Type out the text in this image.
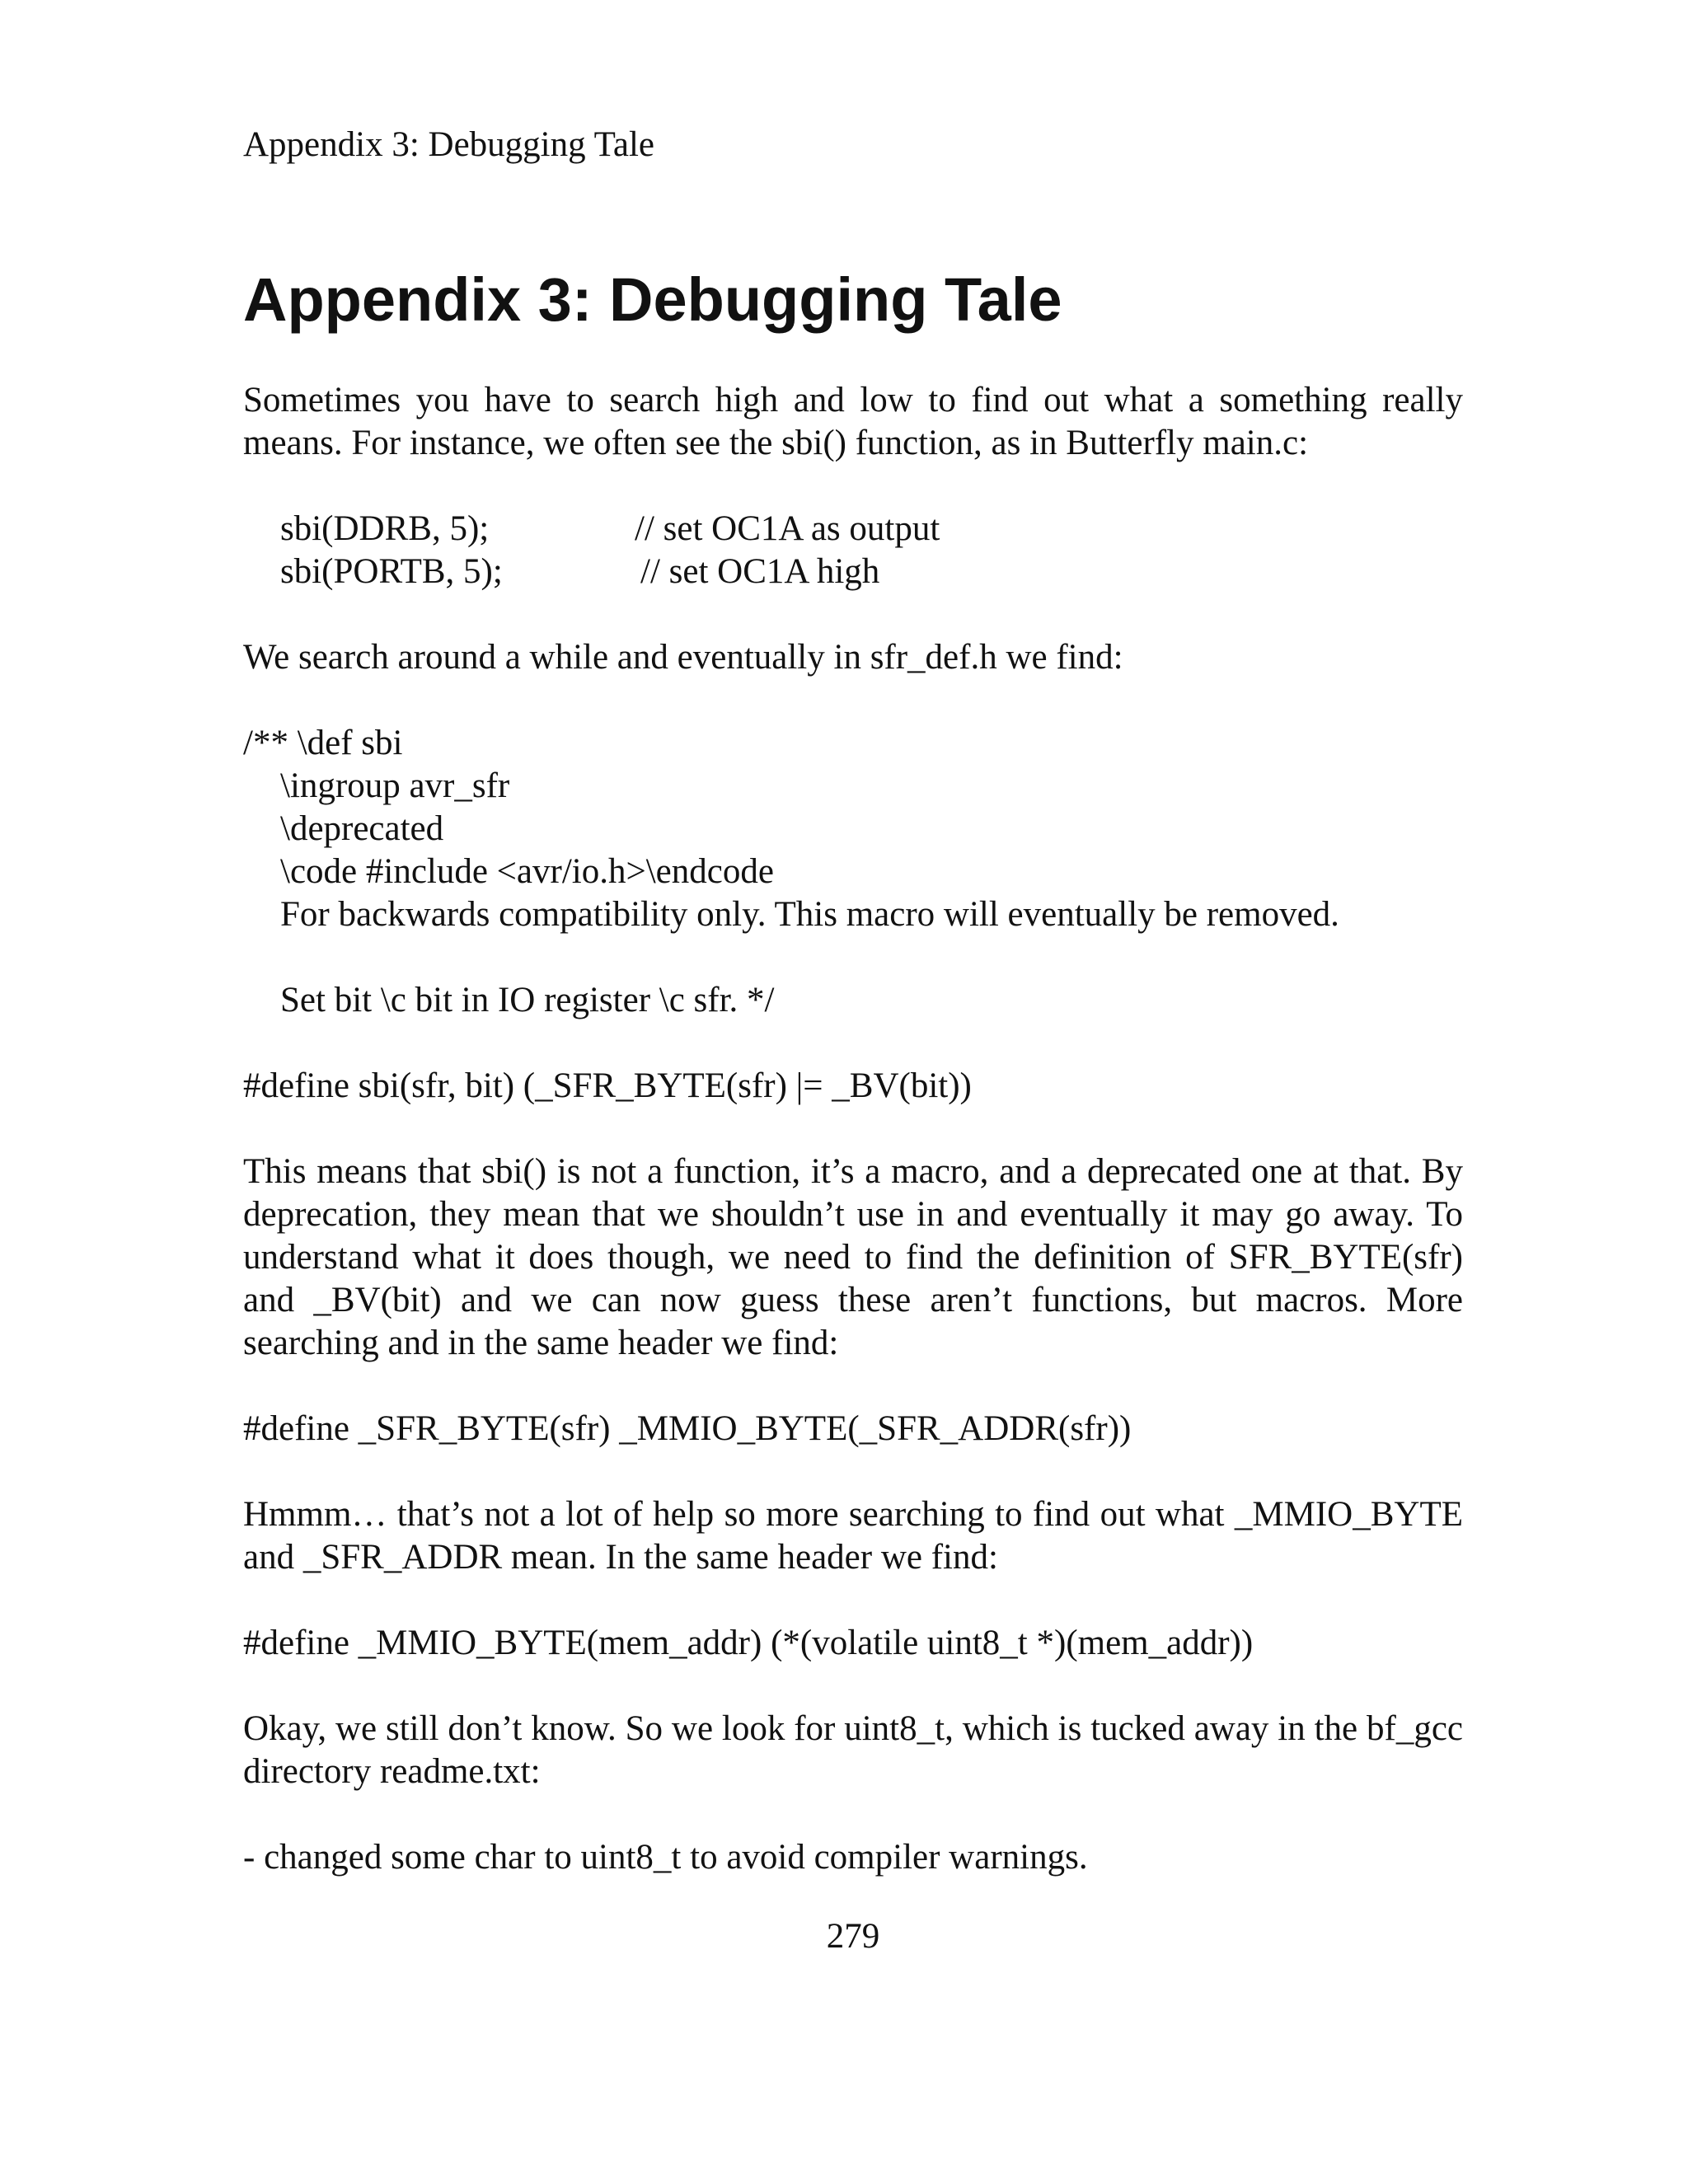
Appendix 3: Debugging Tale
Appendix 3: Debugging Tale

Sometimes you have to search high and low to find out what a something really means. For instance, we often see the sbi() function, as in Butterfly main.c:

sbi(DDRB, 5);	// set OC1A as output
sbi(PORTB, 5);	// set OC1A high

We search around a while and eventually in sfr_def.h we find:

/** \def sbi
\ingroup avr_sfr
\deprecated
\code #include <avr/io.h>\endcode
For backwards compatibility only. This macro will eventually be removed.
Set bit \c bit in IO register \c sfr. */
#define sbi(sfr, bit) (_SFR_BYTE(sfr) |= _BV(bit))

This means that sbi() is not a function, it’s a macro, and a deprecated one at that. By deprecation, they mean that we shouldn’t use in and eventually it may go away. To understand what it does though, we need to find the definition of SFR_BYTE(sfr) and _BV(bit) and we can now guess these aren’t functions, but macros. More searching and in the same header we find:

#define _SFR_BYTE(sfr) _MMIO_BYTE(_SFR_ADDR(sfr))

Hmmm… that’s not a lot of help so more searching to find out what _MMIO_BYTE and _SFR_ADDR mean. In the same header we find:

#define _MMIO_BYTE(mem_addr) (*(volatile uint8_t *)(mem_addr))

Okay, we still don’t know. So we look for uint8_t, which is tucked away in the bf_gcc directory readme.txt:

- changed some char to uint8_t to avoid compiler warnings.
279
